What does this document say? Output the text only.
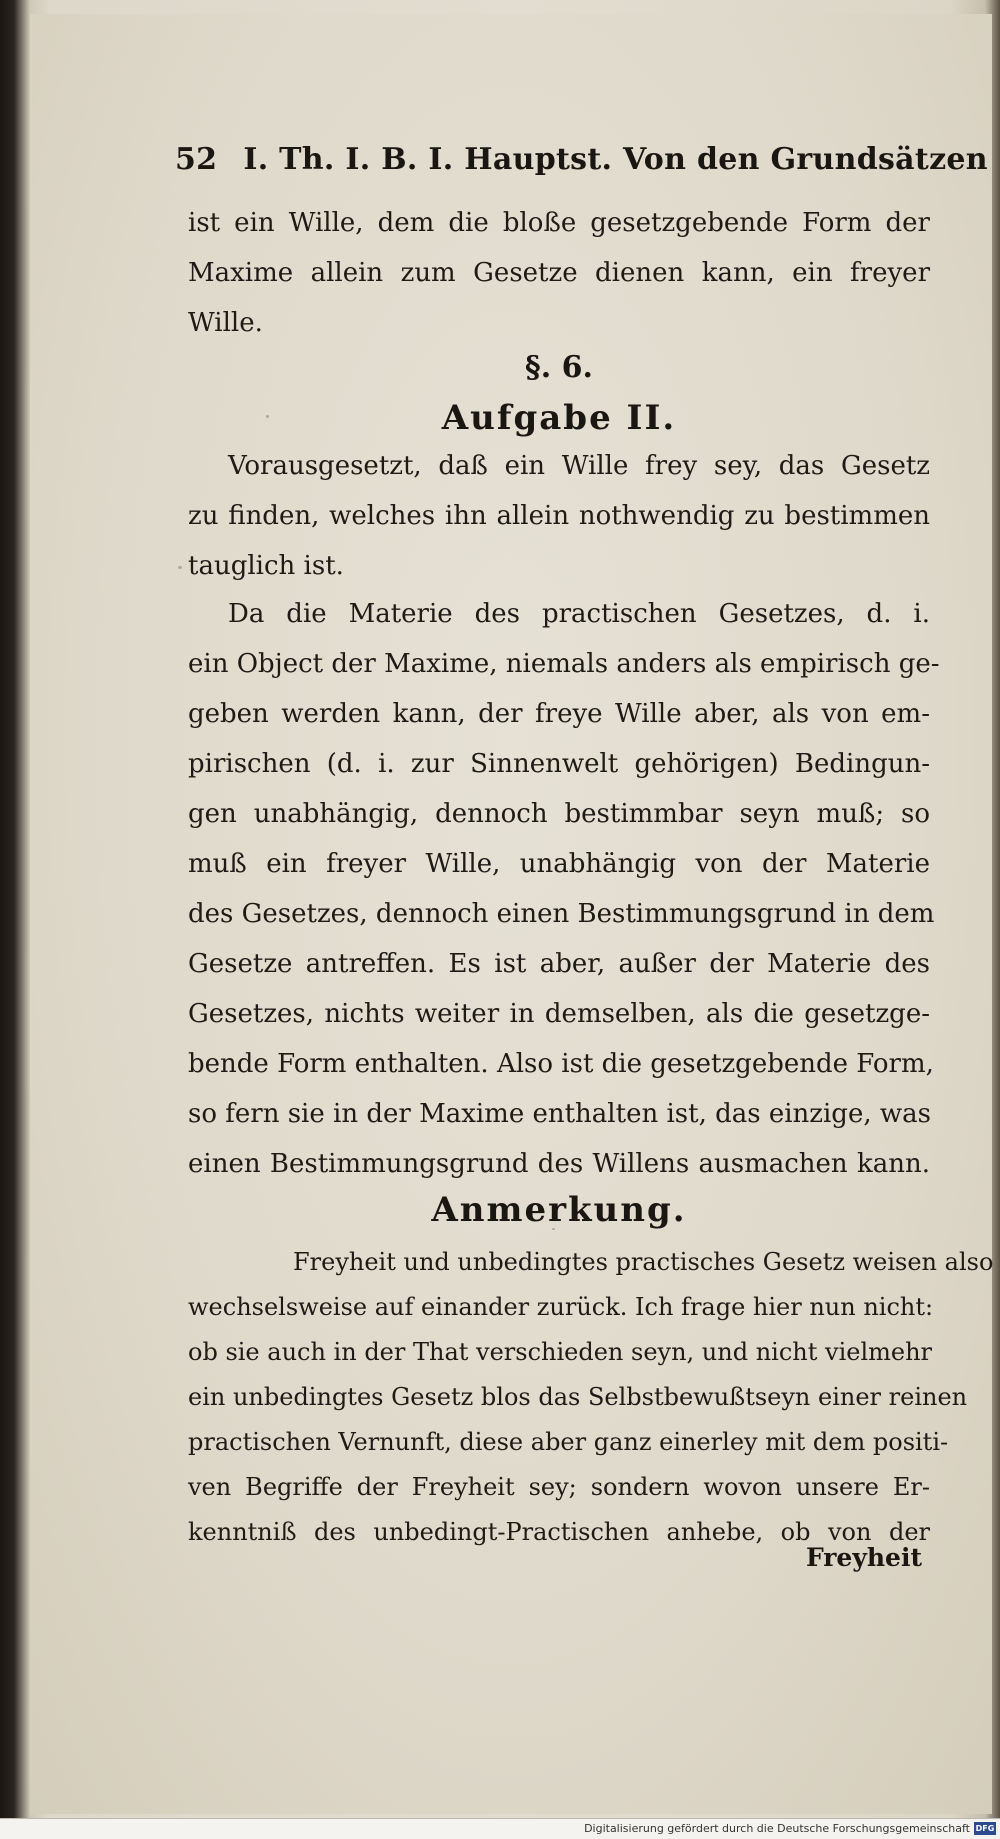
52 I. Th. I. B. I. Hauptst. Von den Grundsätzen
ist ein Wille, dem die bloße gesetzgebende Form der
Maxime allein zum Gesetze dienen kann, ein freyer
Wille.
§. 6.
Aufgabe II.
Vorausgesetzt, daß ein Wille frey sey, das Gesetz
zu finden, welches ihn allein nothwendig zu bestimmen
tauglich ist.
Da die Materie des practischen Gesetzes, d. i.
ein Object der Maxime, niemals anders als empirisch ge-
geben werden kann, der freye Wille aber, als von em-
pirischen (d. i. zur Sinnenwelt gehörigen) Bedingun-
gen unabhängig, dennoch bestimmbar seyn muß; so
muß ein freyer Wille, unabhängig von der Materie
des Gesetzes, dennoch einen Bestimmungsgrund in dem
Gesetze antreffen. Es ist aber, außer der Materie des
Gesetzes, nichts weiter in demselben, als die gesetzge-
bende Form enthalten. Also ist die gesetzgebende Form,
so fern sie in der Maxime enthalten ist, das einzige, was
einen Bestimmungsgrund des Willens ausmachen kann.
Anmerkung.
Freyheit und unbedingtes practisches Gesetz weisen also
wechselsweise auf einander zurück. Ich frage hier nun nicht:
ob sie auch in der That verschieden seyn, und nicht vielmehr
ein unbedingtes Gesetz blos das Selbstbewußtseyn einer reinen
practischen Vernunft, diese aber ganz einerley mit dem positi-
ven Begriffe der Freyheit sey; sondern wovon unsere Er-
kenntniß des unbedingt-Practischen anhebe, ob von der
Freyheit
Digitalisierung gefördert durch die Deutsche Forschungsgemeinschaft DFG
